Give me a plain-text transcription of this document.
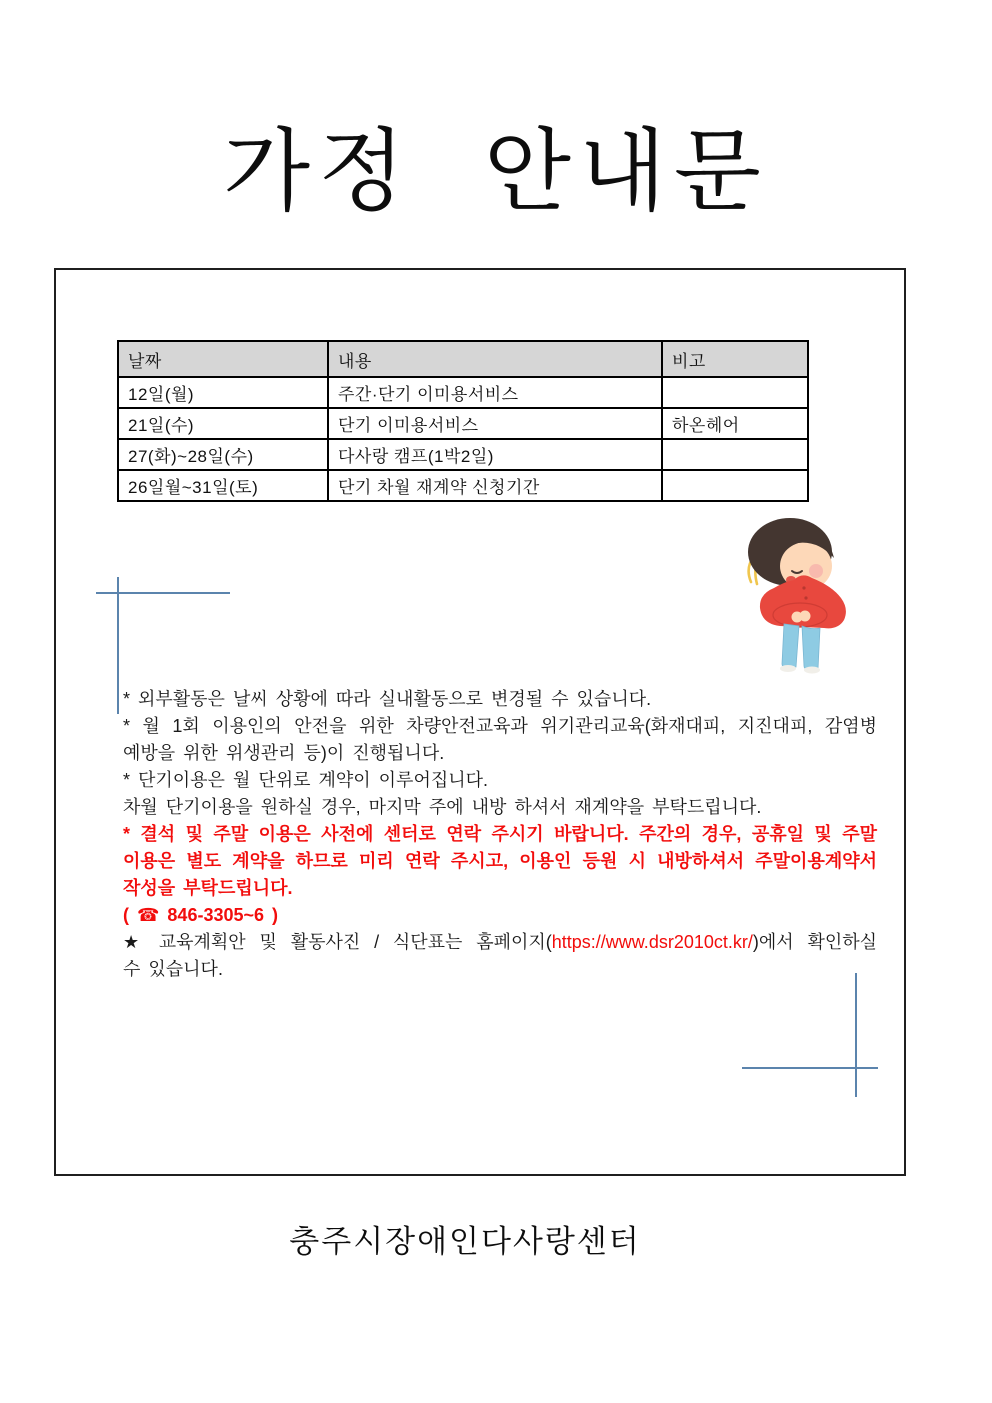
가정 안내문
날짜	내용	비고
12일(월)	주간·단기 이미용서비스	
21일(수)	단기 이미용서비스	하온헤어
27(화)~28일(수)	다사랑 캠프(1박2일)	
26일월~31일(토)	단기 차월 재계약 신청기간	
* 외부활동은 날씨 상황에 따라 실내활동으로 변경될 수 있습니다.
* 월 1회 이용인의 안전을 위한 차량안전교육과 위기관리교육(화재대피, 지진대피, 감염병
예방을 위한 위생관리 등)이 진행됩니다.
* 단기이용은 월 단위로 계약이 이루어집니다.
차월 단기이용을 원하실 경우, 마지막 주에 내방 하셔서 재계약을 부탁드립니다.
* 결석 및 주말 이용은 사전에 센터로 연락 주시기 바랍니다. 주간의 경우, 공휴일 및 주말
이용은 별도 계약을 하므로 미리 연락 주시고, 이용인 등원 시 내방하셔서 주말이용계약서
작성을 부탁드립니다.
( ☎ 846-3305~6 )
★ 교육계획안 및 활동사진 / 식단표는 홈페이지(https://www.dsr2010ct.kr/)에서 확인하실
수 있습니다.
충주시장애인다사랑센터
